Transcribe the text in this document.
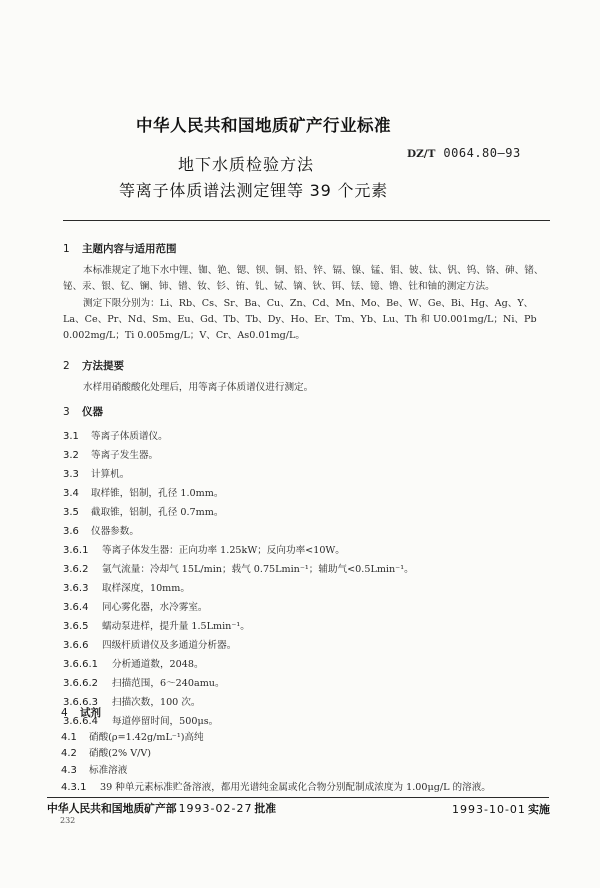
中华人民共和国地质矿产行业标准
DZ/T 0064.80—93
地下水质检验方法
等离子体质谱法测定锂等 39 个元素
1 主题内容与适用范围
本标准规定了地下水中锂、铷、铯、锶、钡、铜、铅、锌、镉、镍、锰、钼、铍、钛、钒、钨、铬、砷、锗、铋、汞、银、钇、镧、铈、镨、钕、钐、铕、钆、铽、镝、钬、铒、铥、镱、镥、钍和铀的测定方法。
测定下限分别为：Li、Rb、Cs、Sr、Ba、Cu、Zn、Cd、Mn、Mo、Be、W、Ge、Bi、Hg、Ag、Y、La、Ce、Pr、Nd、Sm、Eu、Gd、Tb、Tb、Dy、Ho、Er、Tm、Yb、Lu、Th 和 U0.001mg/L；Ni、Pb 0.002mg/L；Ti 0.005mg/L；V、Cr、As0.01mg/L。
2 方法提要
水样用硝酸酸化处理后，用等离子体质谱仪进行测定。
3 仪器
3.1 等离子体质谱仪。
3.2 等离子发生器。
3.3 计算机。
3.4 取样锥，铝制，孔径 1.0mm。
3.5 截取锥，铝制，孔径 0.7mm。
3.6 仪器参数。
3.6.1 等离子体发生器：正向功率 1.25kW；反向功率<10W。
3.6.2 氩气流量：冷却气 15L/min；载气 0.75Lmin⁻¹；辅助气<0.5Lmin⁻¹。
3.6.3 取样深度，10mm。
3.6.4 同心雾化器，水冷雾室。
3.6.5 蠕动泵进样，提升量 1.5Lmin⁻¹。
3.6.6 四级杆质谱仪及多通道分析器。
3.6.6.1 分析通道数，2048。
3.6.6.2 扫描范围，6～240amu。
3.6.6.3 扫描次数，100 次。
3.6.6.4 每道停留时间，500μs。
4 试剂
4.1 硝酸(ρ=1.42g/mL⁻¹)高纯
4.2 硝酸(2% V/V)
4.3 标准溶液
4.3.1 39 种单元素标准贮备溶液，都用光谱纯金属或化合物分别配制成浓度为 1.00μg/L 的溶液。
中华人民共和国地质矿产部 1993-02-27 批准	1993-10-01 实施
232
